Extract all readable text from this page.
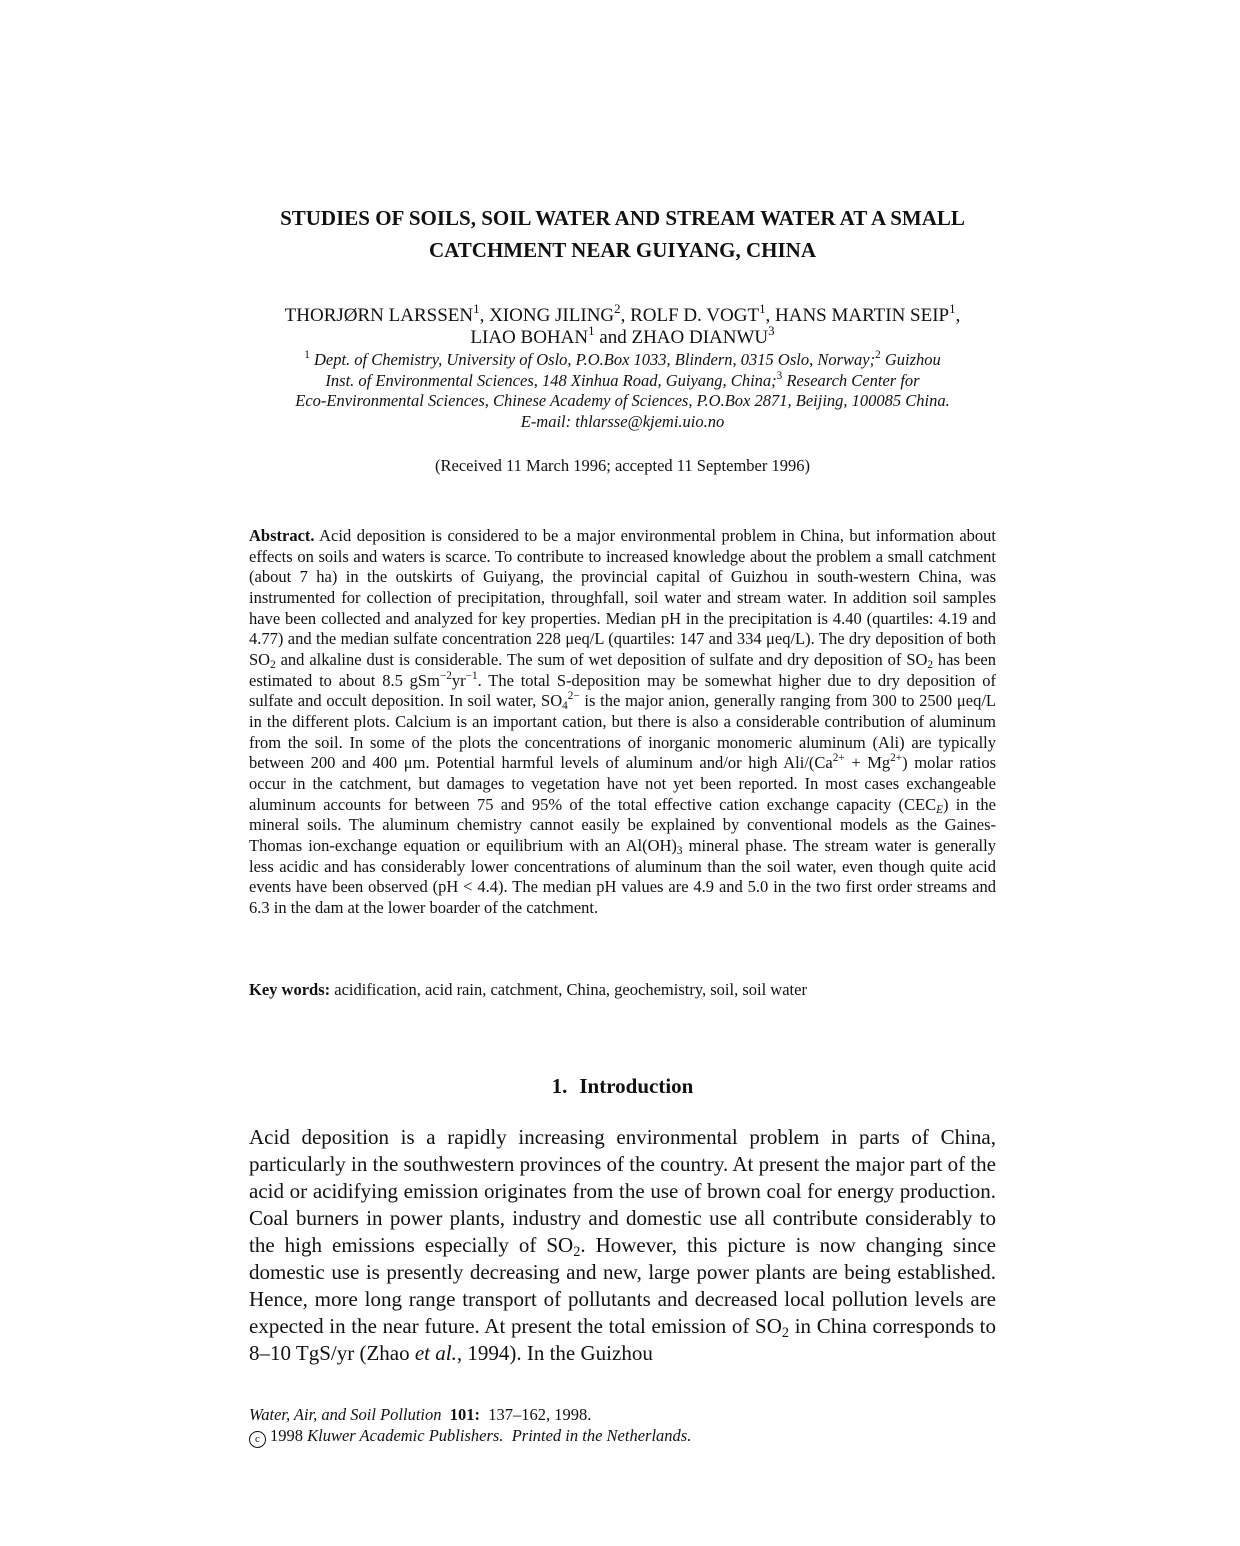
STUDIES OF SOILS, SOIL WATER AND STREAM WATER AT A SMALL
CATCHMENT NEAR GUIYANG, CHINA
THORJØRN LARSSEN$^1$, XIONG JILING$^2$, ROLF D. VOGT$^1$, HANS MARTIN SEIP$^1$,
LIAO BOHAN$^1$ and ZHAO DIANWU$^3$
$^1$ Dept. of Chemistry, University of Oslo, P.O.Box 1033, Blindern, 0315 Oslo, Norway;$^2$ Guizhou
Inst. of Environmental Sciences, 148 Xinhua Road, Guiyang, China;$^3$ Research Center for
Eco-Environmental Sciences, Chinese Academy of Sciences, P.O.Box 2871, Beijing, 100085 China.
E-mail: thlarsse@kjemi.uio.no
(Received 11 March 1996; accepted 11 September 1996)
Abstract. Acid deposition is considered to be a major environmental problem in China, but information about effects on soils and waters is scarce. To contribute to increased knowledge about the problem a small catchment (about 7 ha) in the outskirts of Guiyang, the provincial capital of Guizhou in south-western China, was instrumented for collection of precipitation, throughfall, soil water and stream water. In addition soil samples have been collected and analyzed for key properties. Median pH in the precipitation is 4.40 (quartiles: 4.19 and 4.77) and the median sulfate concentration 228 μeq/L (quartiles: 147 and 334 μeq/L). The dry deposition of both $SO_2$ and alkaline dust is considerable. The sum of wet deposition of sulfate and dry deposition of $SO_2$ has been estimated to about 8.5 $gSm^{-2}yr^{-1}$. The total S-deposition may be somewhat higher due to dry deposition of sulfate and occult deposition. In soil water, $SO_4^{2-}$ is the major anion, generally ranging from 300 to 2500 μeq/L in the different plots. Calcium is an important cation, but there is also a considerable contribution of aluminum from the soil. In some of the plots the concentrations of inorganic monomeric aluminum (Ali) are typically between 200 and 400 μm. Potential harmful levels of aluminum and/or high Ali/$(Ca^{2+} + Mg^{2+})$ molar ratios occur in the catchment, but damages to vegetation have not yet been reported. In most cases exchangeable aluminum accounts for between 75 and 95% of the total effective cation exchange capacity $(CEC_E)$ in the mineral soils. The aluminum chemistry cannot easily be explained by conventional models as the Gaines-Thomas ion-exchange equation or equilibrium with an $Al(OH)_3$ mineral phase. The stream water is generally less acidic and has considerably lower concentrations of aluminum than the soil water, even though quite acid events have been observed (pH < 4.4). The median pH values are 4.9 and 5.0 in the two first order streams and 6.3 in the dam at the lower boarder of the catchment.
Key words: acidification, acid rain, catchment, China, geochemistry, soil, soil water
1. Introduction
Acid deposition is a rapidly increasing environmental problem in parts of China, particularly in the southwestern provinces of the country. At present the major part of the acid or acidifying emission originates from the use of brown coal for energy production. Coal burners in power plants, industry and domestic use all contribute considerably to the high emissions especially of $SO_2$. However, this picture is now changing since domestic use is presently decreasing and new, large power plants are being established. Hence, more long range transport of pollutants and decreased local pollution levels are expected in the near future. At present the total emission of $SO_2$ in China corresponds to 8–10 TgS/yr (Zhao et al., 1994). In the Guizhou
Water, Air, and Soil Pollution 101: 137–162, 1998.
c 1998 Kluwer Academic Publishers. Printed in the Netherlands.
